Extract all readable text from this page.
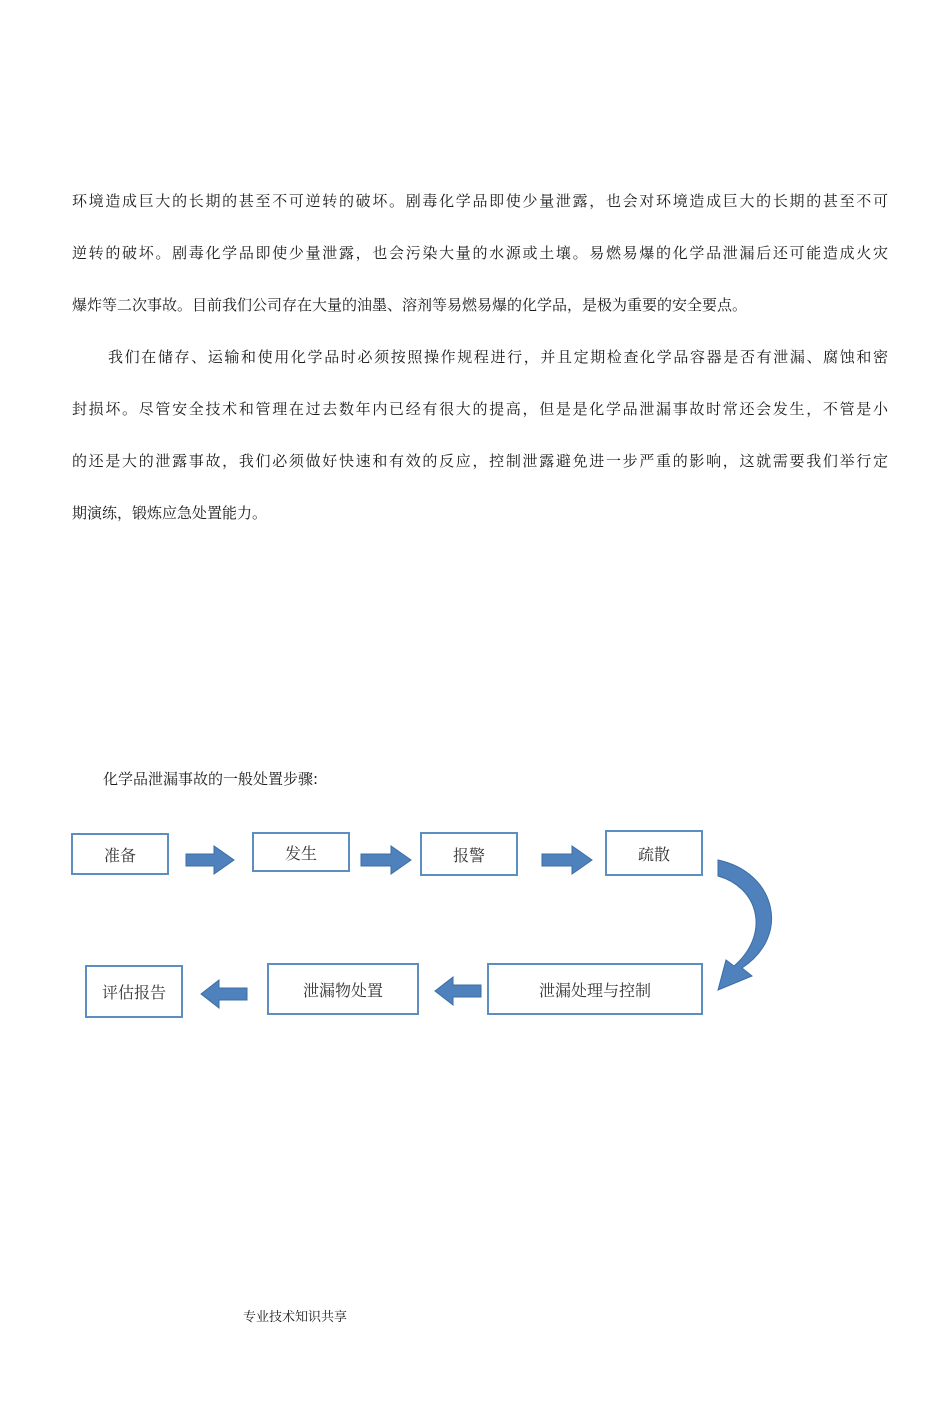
环境造成巨大的长期的甚至不可逆转的破坏。剧毒化学品即使少量泄露，也会对环境造成巨大的长期的甚至不可
逆转的破坏。剧毒化学品即使少量泄露，也会污染大量的水源或土壤。易燃易爆的化学品泄漏后还可能造成火灾
爆炸等二次事故。目前我们公司存在大量的油墨、溶剂等易燃易爆的化学品，是极为重要的安全要点。
我们在储存、运输和使用化学品时必须按照操作规程进行，并且定期检查化学品容器是否有泄漏、腐蚀和密
封损坏。尽管安全技术和管理在过去数年内已经有很大的提高，但是是化学品泄漏事故时常还会发生，不管是小
的还是大的泄露事故，我们必须做好快速和有效的反应，控制泄露避免进一步严重的影响，这就需要我们举行定
期演练，锻炼应急处置能力。
化学品泄漏事故的一般处置步骤:
准备	发生	报警	疏散
泄漏处理与控制
泄漏物处置
评估报告
专业技术知识共享
